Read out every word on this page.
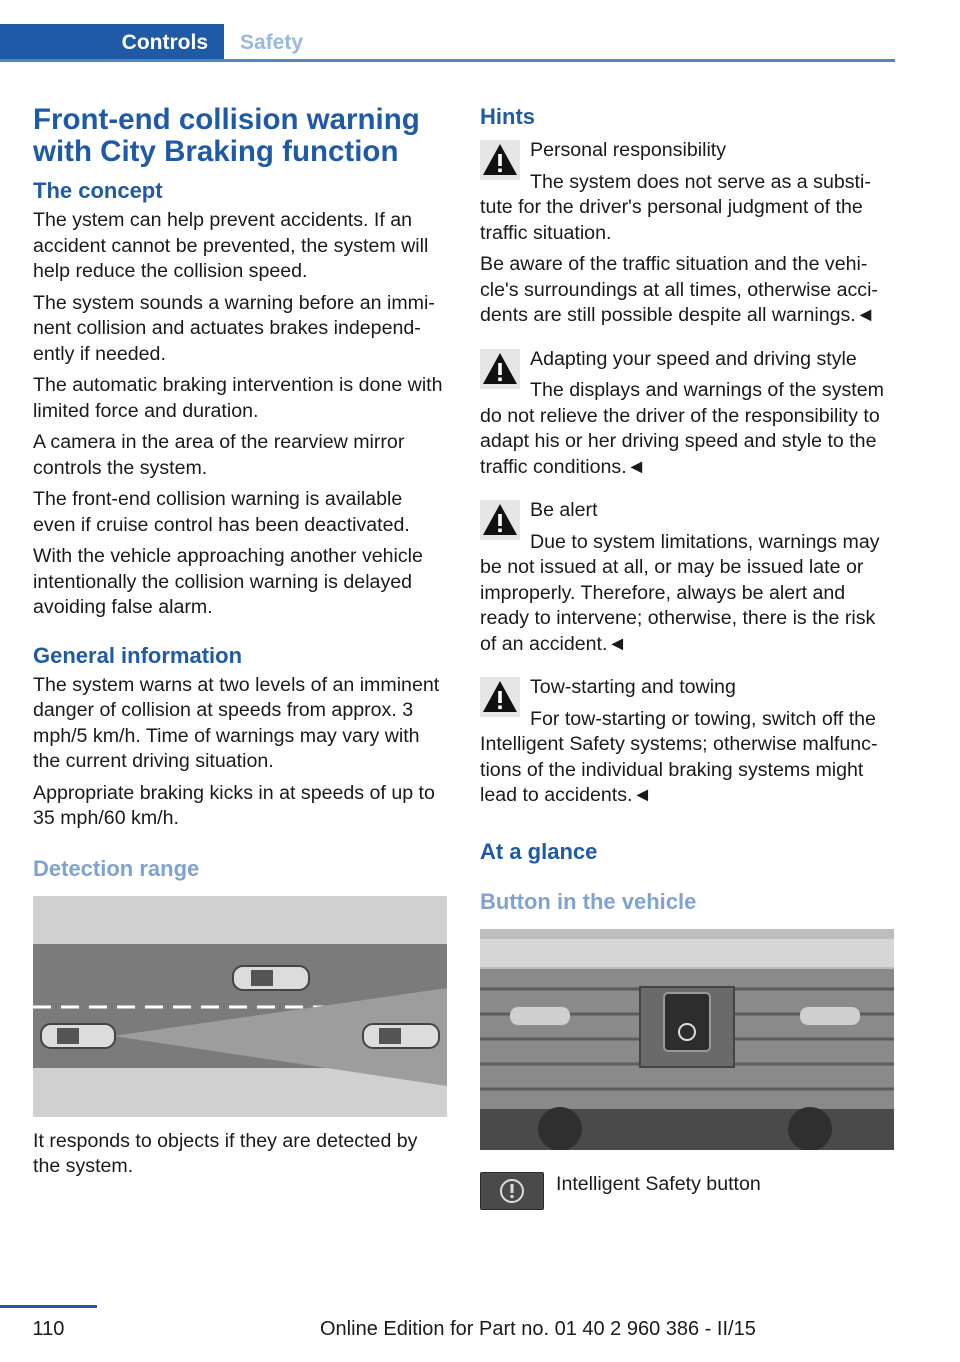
Controls	Safety
Front-end collision warning with City Braking function
The concept

The ystem can help prevent accidents. If an accident cannot be prevented, the system will help reduce the collision speed.

The system sounds a warning before an immi‐nent collision and actuates brakes independ‐ently if needed.

The automatic braking intervention is done with limited force and duration.

A camera in the area of the rearview mirror controls the system.

The front-end collision warning is available even if cruise control has been deactivated.

With the vehicle approaching another vehicle intentionally the collision warning is delayed avoiding false alarm.

General information

The system warns at two levels of an imminent danger of collision at speeds from approx. 3 mph/5 km/h. Time of warnings may vary with the current driving situation.

Appropriate braking kicks in at speeds of up to 35 mph/60 km/h.

Detection range

It responds to objects if they are detected by the system.

Hints

Personal responsibility

The system does not serve as a substi‐tute for the driver's personal judgment of the traffic situation.

Be aware of the traffic situation and the vehi‐cle's surroundings at all times, otherwise acci‐dents are still possible despite all warnings.◄

Adapting your speed and driving style

The displays and warnings of the system do not relieve the driver of the responsibility to adapt his or her driving speed and style to the traffic conditions.◄

Be alert

Due to system limitations, warnings may be not issued at all, or may be issued late or improperly. Therefore, always be alert and ready to intervene; otherwise, there is the risk of an accident.◄

Tow-starting and towing

For tow-starting or towing, switch off the Intelligent Safety systems; otherwise malfunc‐tions of the individual braking systems might lead to accidents.◄

At a glance
Button in the vehicle

Intelligent Safety button

110	Online Edition for Part no. 01 40 2 960 386 - II/15
